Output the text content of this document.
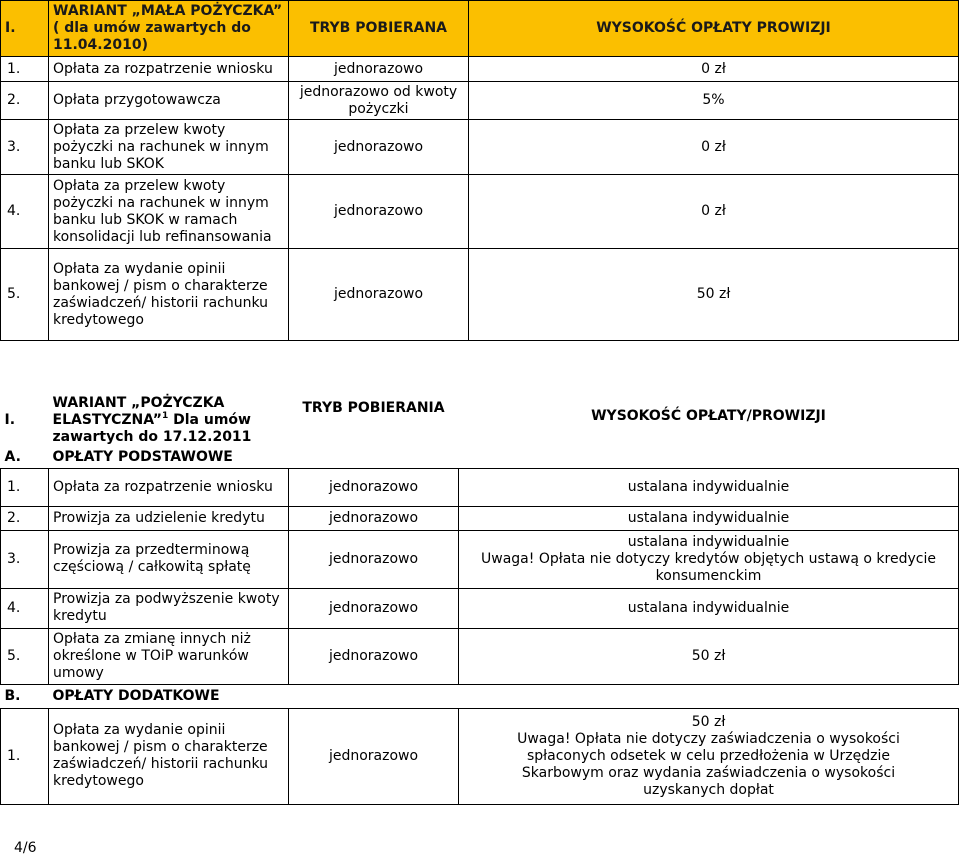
I.	WARIANT „MAŁA POŻYCZKA” ( dla umów zawartych do 11.04.2010)	TRYB POBIERANA	WYSOKOŚĆ OPŁATY PROWIZJI
1.	Opłata za rozpatrzenie wniosku	jednorazowo	0 zł
2.	Opłata przygotowawcza	jednorazowo od kwoty pożyczki	5%
3.	Opłata za przelew kwoty pożyczki na rachunek w innym banku lub SKOK	jednorazowo	0 zł
4.	Opłata za przelew kwoty pożyczki na rachunek w innym banku lub SKOK w ramach konsolidacji lub refinansowania	jednorazowo	0 zł
5.	Opłata za wydanie opinii bankowej / pism o charakterze zaświadczeń/ historii rachunku kredytowego	jednorazowo	50 zł
I.	WARIANT „POŻYCZKA ELASTYCZNA”$^1$ Dla umów zawartych do 17.12.2011	TRYB POBIERANIA	WYSOKOŚĆ OPŁATY/PROWIZJI
A.	OPŁATY PODSTAWOWE		
1.	Opłata za rozpatrzenie wniosku	jednorazowo	ustalana indywidualnie
2.	Prowizja za udzielenie kredytu	jednorazowo	ustalana indywidualnie
3.	Prowizja za przedterminową częściową / całkowitą spłatę	jednorazowo	ustalana indywidualnie
Uwaga! Opłata nie dotyczy kredytów objętych ustawą o kredycie konsumenckim

4.	Prowizja za podwyższenie kwoty kredytu	jednorazowo	ustalana indywidualnie
5.	Opłata za zmianę innych niż określone w TOiP warunków umowy	jednorazowo	50 zł
B.	OPŁATY DODATKOWE		
1.	Opłata za wydanie opinii bankowej / pism o charakterze zaświadczeń/ historii rachunku kredytowego	jednorazowo	50 zł
Uwaga! Opłata nie dotyczy zaświadczenia o wysokości spłaconych odsetek w celu przedłożenia w Urzędzie Skarbowym oraz wydania zaświadczenia o wysokości uzyskanych dopłat
4/6
